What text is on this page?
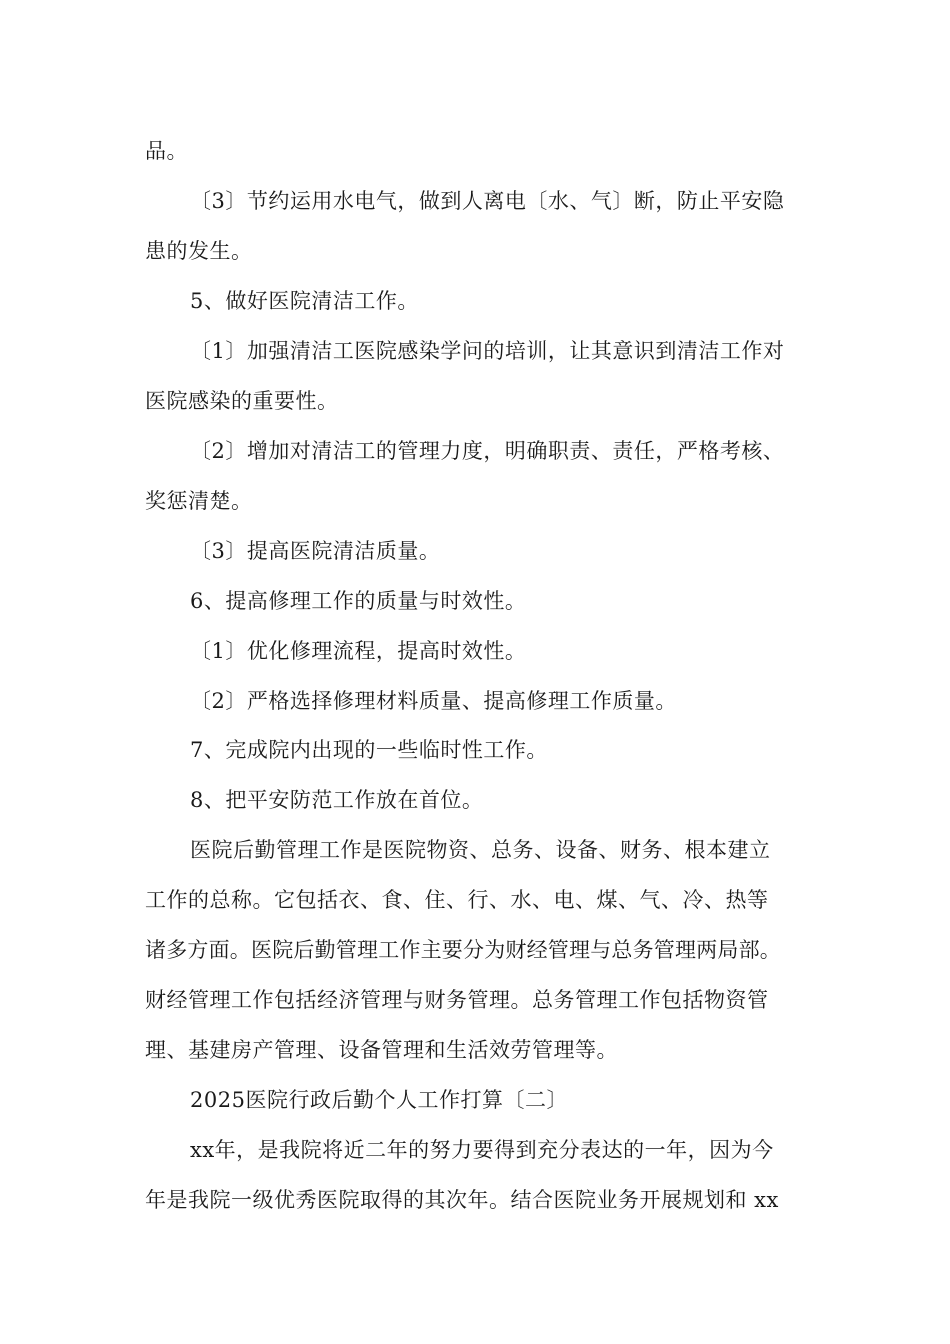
品。
〔3〕节约运用水电气，做到人离电〔水、气〕断，防止平安隐
患的发生。
5、做好医院清洁工作。
〔1〕加强清洁工医院感染学问的培训，让其意识到清洁工作对
医院感染的重要性。
〔2〕增加对清洁工的管理力度，明确职责、责任，严格考核、
奖惩清楚。
〔3〕提高医院清洁质量。
6、提高修理工作的质量与时效性。
〔1〕优化修理流程，提高时效性。
〔2〕严格选择修理材料质量、提高修理工作质量。
7、完成院内出现的一些临时性工作。
8、把平安防范工作放在首位。
医院后勤管理工作是医院物资、总务、设备、财务、根本建立
工作的总称。它包括衣、食、住、行、水、电、煤、气、冷、热等
诸多方面。医院后勤管理工作主要分为财经管理与总务管理两局部。
财经管理工作包括经济管理与财务管理。总务管理工作包括物资管
理、基建房产管理、设备管理和生活效劳管理等。
2025医院行政后勤个人工作打算〔二〕
xx年，是我院将近二年的努力要得到充分表达的一年，因为今
年是我院一级优秀医院取得的其次年。结合医院业务开展规划和 xx
